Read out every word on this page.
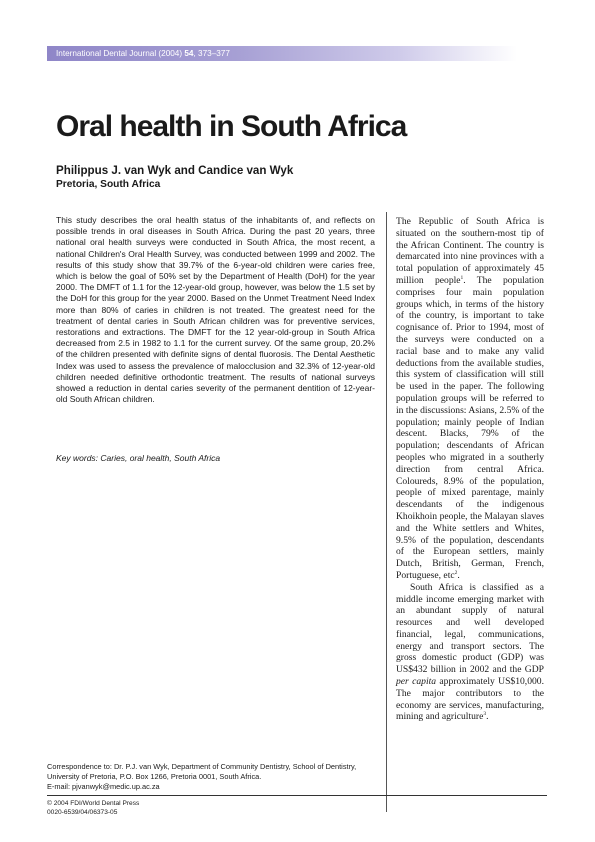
International Dental Journal (2004) 54, 373–377
Oral health in South Africa
Philippus J. van Wyk and Candice van Wyk
Pretoria, South Africa

This study describes the oral health status of the inhabitants of, and reflects on possible trends in oral diseases in South Africa. During the past 20 years, three national oral health surveys were conducted in South Africa, the most recent, a national Children's Oral Health Survey, was conducted between 1999 and 2002. The results of this study show that 39.7% of the 6-year-old children were caries free, which is below the goal of 50% set by the Department of Health (DoH) for the year 2000. The DMFT of 1.1 for the 12-year-old group, however, was below the 1.5 set by the DoH for this group for the year 2000. Based on the Unmet Treatment Need Index more than 80% of caries in children is not treated. The greatest need for the treatment of dental caries in South African children was for preventive services, restorations and extractions. The DMFT for the 12 year-old-group in South Africa decreased from 2.5 in 1982 to 1.1 for the current survey. Of the same group, 20.2% of the children presented with definite signs of dental fluorosis. The Dental Aesthetic Index was used to assess the prevalence of malocclusion and 32.3% of 12-year-old children needed definitive orthodontic treatment. The results of national surveys showed a reduction in dental caries severity of the permanent dentition of 12-year-old South African children.

Key words: Caries, oral health, South Africa

The Republic of South Africa is situated on the southern-most tip of the African Continent. The country is demarcated into nine provinces with a total population of approximately 45 million people$^1$. The population comprises four main population groups which, in terms of the history of the country, is important to take cognisance of. Prior to 1994, most of the surveys were conducted on a racial base and to make any valid deductions from the available studies, this system of classification will still be used in the paper. The following population groups will be referred to in the discussions: Asians, 2.5% of the population; mainly people of Indian descent. Blacks, 79% of the population; descendants of African peoples who migrated in a southerly direction from central Africa. Coloureds, 8.9% of the population, people of mixed parentage, mainly descendants of the indigenous Khoikhoin people, the Malayan slaves and the White settlers and Whites, 9.5% of the population, descendants of the European settlers, mainly Dutch, British, German, French, Portuguese, etc$^2$.

South Africa is classified as a middle income emerging market with an abundant supply of natural resources and well developed financial, legal, communications, energy and transport sectors. The gross domestic product (GDP) was US$432 billion in 2002 and the GDP per capita approximately US$10,000. The major contributors to the economy are services, manufacturing, mining and agriculture$^3$.

Correspondence to: Dr. P.J. van Wyk, Department of Community Dentistry, School of Dentistry, University of Pretoria, P.O. Box 1266, Pretoria 0001, South Africa.
E-mail: pjvanwyk@medic.up.ac.za
© 2004 FDI/World Dental Press
0020-6539/04/06373-05
